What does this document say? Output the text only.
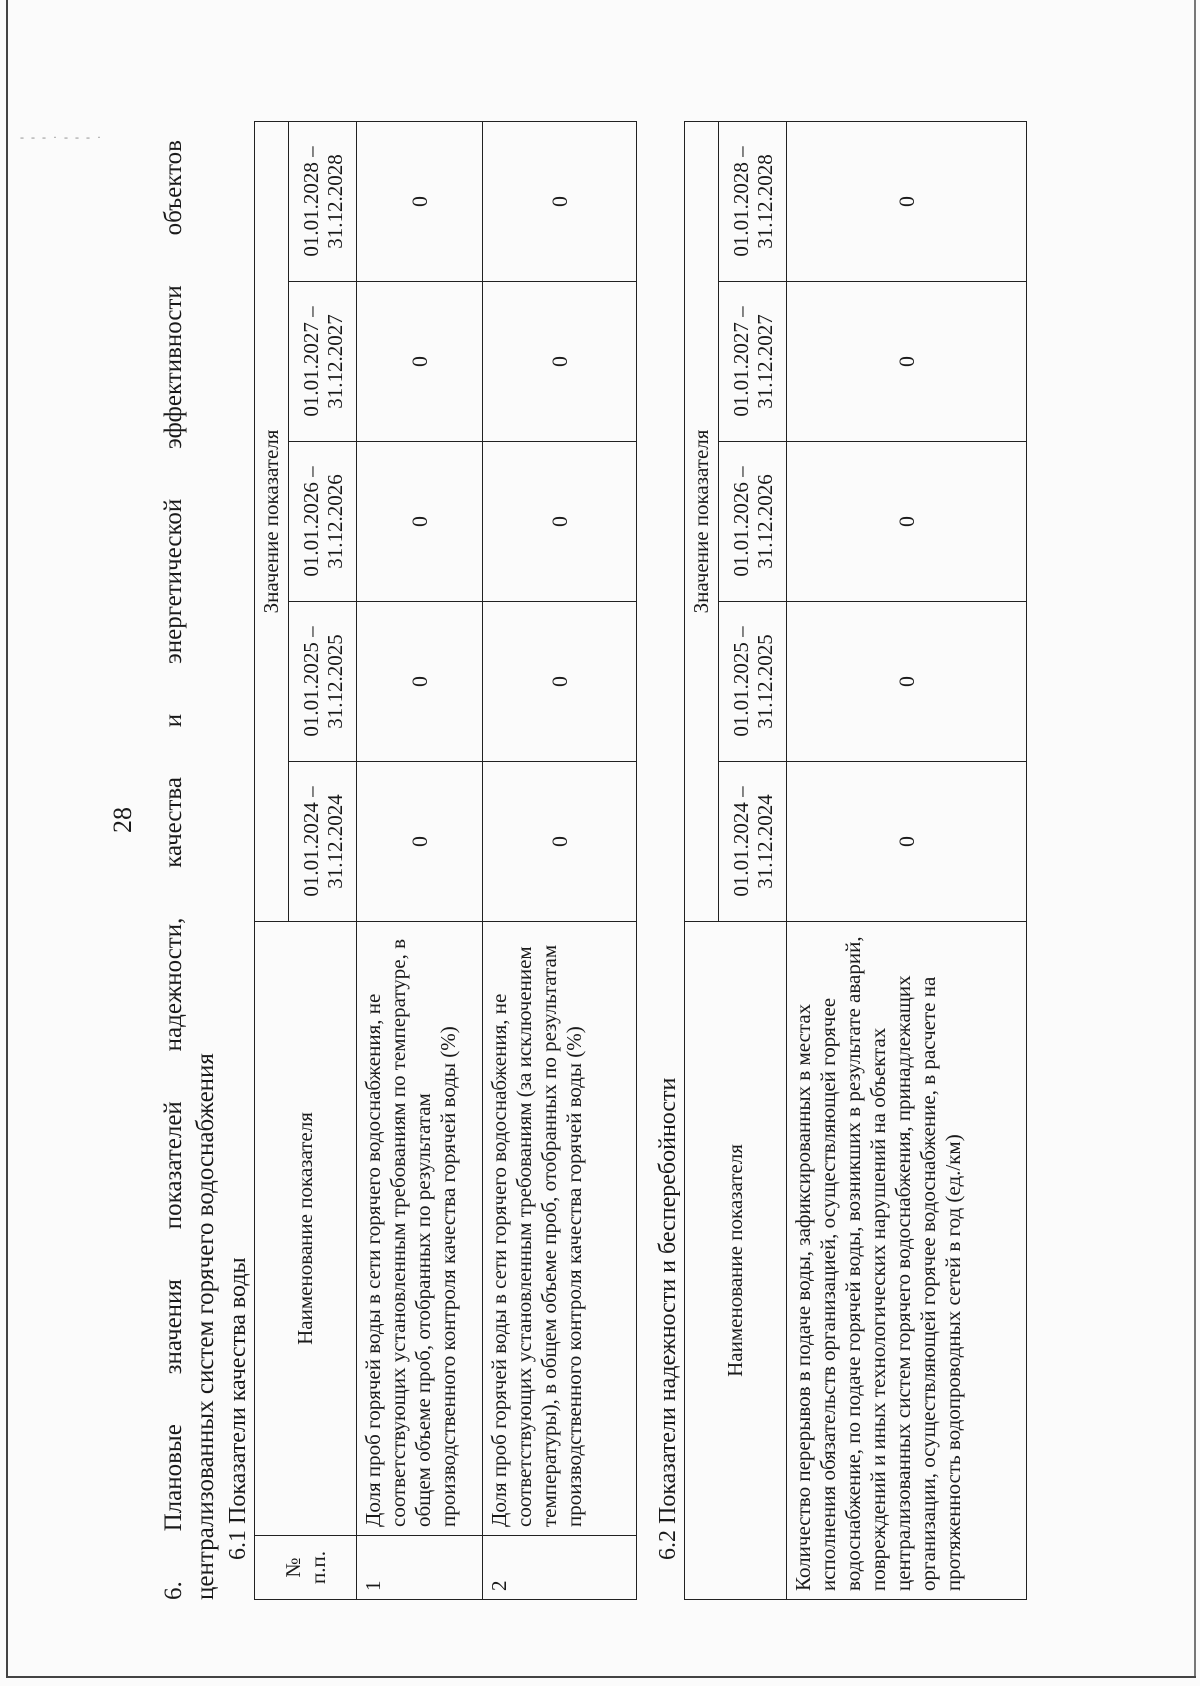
- - - · - - - ·
28 6. Плановые значения показателей надежности, качества и энергетической эффективности объектов централизованных систем горячего водоснабжения 6.1 Показатели качества воды
№ п.п.	Наименование показателя	Значение показателя				
		01.01.2024 – 31.12.2024	01.01.2025 – 31.12.2025	01.01.2026 – 31.12.2026	01.01.2027 – 31.12.2027	01.01.2028 – 31.12.2028
1	Доля проб горячей воды в сети горячего водоснабжения, не соответствующих установленным требованиям по температуре, в общем объеме проб, отобранных по результатам производственного контроля качества горячей воды (%)	0	0	0	0	0
2	Доля проб горячей воды в сети горячего водоснабжения, не соответствующих установленным требованиям (за исключением температуры), в общем объеме проб, отобранных по результатам производственного контроля качества горячей воды (%)	0	0	0	0	0
6.2 Показатели надежности и бесперебойности Наименование показателя	Значение показателя				
	01.01.2024 – 31.12.2024	01.01.2025 – 31.12.2025	01.01.2026 – 31.12.2026	01.01.2027 – 31.12.2027	01.01.2028 – 31.12.2028
Количество перерывов в подаче воды, зафиксированных в местах исполнения обязательств организацией, осуществляющей горячее водоснабжение, по подаче горячей воды, возникших в результате аварий, повреждений и иных технологических нарушений на объектах централизованных систем горячего водоснабжения, принадлежащих организации, осуществляющей горячее водоснабжение, в расчете на протяженность водопроводных сетей в год (ед./км)	0	0	0	0	0
